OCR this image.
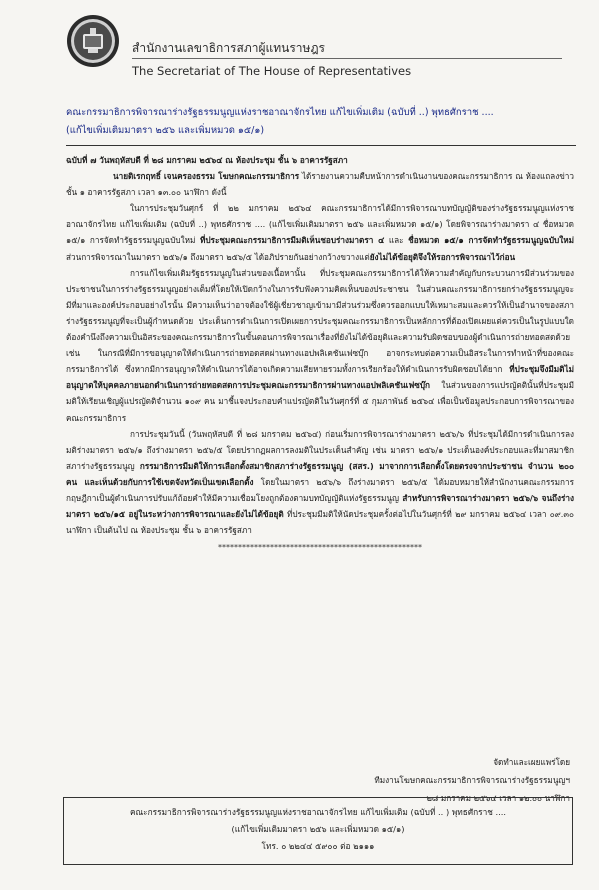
สำนักงานเลขาธิการสภาผู้แทนราษฎร
The Secretariat of The House of Representatives
คณะกรรมาธิการพิจารณาร่างรัฐธรรมนูญแห่งราชอาณาจักรไทย แก้ไขเพิ่มเติม (ฉบับที่ ..) พุทธศักราช ....
(แก้ไขเพิ่มเติมมาตรา ๒๕๖ และเพิ่มหมวด ๑๕/๑)

ฉบับที่ ๗ วันพฤหัสบดี ที่ ๒๘ มกราคม ๒๕๖๔ ณ ห้องประชุม ชั้น ๖ อาคารรัฐสภา

นายดิเรกฤทธิ์ เจนครองธรรม โฆษกคณะกรรมาธิการ ได้รายงานความคืบหน้าการดำเนินงานของคณะกรรมาธิการ ณ ห้องแถลงข่าว ชั้น ๑ อาคารรัฐสภา เวลา ๑๓.๐๐ นาฬิกา ดังนี้

ในการประชุมวันศุกร์ ที่ ๒๒ มกราคม ๒๕๖๔ คณะกรรมาธิการได้มีการพิจารณาบทบัญญัติของร่างรัฐธรรมนูญแห่งราชอาณาจักรไทย แก้ไขเพิ่มเติม (ฉบับที่ ..) พุทธศักราช .... (แก้ไขเพิ่มเติมมาตรา ๒๕๖ และเพิ่มหมวด ๑๕/๑) โดยพิจารณาร่างมาตรา ๔ ชื่อหมวด ๑๕/๑ การจัดทำรัฐธรรมนูญฉบับใหม่ ที่ประชุมคณะกรรมาธิการมีมติเห็นชอบร่างมาตรา ๔ และ ชื่อหมวด ๑๕/๑ การจัดทำรัฐธรรมนูญฉบับใหม่ ส่วนการพิจารณาในมาตรา ๒๕๖/๑ ถึงมาตรา ๒๕๖/๕ ได้อภิปรายกันอย่างกว้างขวางแต่ยังไม่ได้ข้อยุติจึงให้รอการพิจารณาไว้ก่อน

การแก้ไขเพิ่มเติมรัฐธรรมนูญในส่วนของเนื้อหานั้น ที่ประชุมคณะกรรมาธิการได้ให้ความสำคัญกับกระบวนการมีส่วนร่วมของประชาชนในการร่างรัฐธรรมนูญอย่างเต็มที่โดยให้เปิดกว้างในการรับฟังความคิดเห็นของประชาชน ในส่วนคณะกรรมาธิการยกร่างรัฐธรรมนูญจะมีที่มาและองค์ประกอบอย่างไรนั้น มีความเห็นว่าอาจต้องใช้ผู้เชี่ยวชาญเข้ามามีส่วนร่วมซึ่งควรออกแบบให้เหมาะสมและควรให้เป็นอำนาจของสภาร่างรัฐธรรมนูญที่จะเป็นผู้กำหนดด้วย ประเด็นการดำเนินการเปิดเผยการประชุมคณะกรรมาธิการเป็นหลักการที่ต้องเปิดเผยแต่ควรเป็นในรูปแบบใดต้องคำนึงถึงความเป็นอิสระของคณะกรรมาธิการในขั้นตอนการพิจารณาเรื่องที่ยังไม่ได้ข้อยุติและความรับผิดชอบของผู้ดำเนินการถ่ายทอดสดด้วย เช่น ในกรณีที่มีการขอนุญาตให้ดำเนินการถ่ายทอดสดผ่านทางแอปพลิเคชันเฟซบุ๊ก อาจกระทบต่อความเป็นอิสระในการทำหน้าที่ของคณะกรรมาธิการได้ ซึ่งหากมีการอนุญาตให้ดำเนินการได้อาจเกิดความเสียหายรวมทั้งการเรียกร้องให้ดำเนินการรับผิดชอบได้ยาก ที่ประชุมจึงมีมติไม่อนุญาตให้บุคคลภายนอกดำเนินการถ่ายทอดสดการประชุมคณะกรรมาธิการผ่านทางแอปพลิเคชันเฟซบุ๊ก ในส่วนของการแปรญัตตินั้นที่ประชุมมีมติให้เรียนเชิญผู้แปรญัตติจำนวน ๑๐๙ คน มาชี้แจงประกอบคำแปรญัตติในวันศุกร์ที่ ๕ กุมภาพันธ์ ๒๕๖๔ เพื่อเป็นข้อมูลประกอบการพิจารณาของคณะกรรมาธิการ

การประชุมวันนี้ (วันพฤหัสบดี ที่ ๒๘ มกราคม ๒๕๖๔) ก่อนเริ่มการพิจารณาร่างมาตรา ๒๕๖/๖ ที่ประชุมได้มีการดำเนินการลงมติร่างมาตรา ๒๕๖/๑ ถึงร่างมาตรา ๒๕๖/๕ โดยปรากฏผลการลงมติในประเด็นสำคัญ เช่น มาตรา ๒๕๖/๑ ประเด็นองค์ประกอบและที่มาสมาชิกสภาร่างรัฐธรรมนูญ กรรมาธิการมีมติให้การเลือกตั้งสมาชิกสภาร่างรัฐธรรมนูญ (สสร.) มาจากการเลือกตั้งโดยตรงจากประชาชน จำนวน ๒๐๐ คน และเห็นด้วยกับการใช้เขตจังหวัดเป็นเขตเลือกตั้ง โดยในมาตรา ๒๕๖/๖ ถึงร่างมาตรา ๒๕๖/๕ ได้มอบหมายให้สำนักงานคณะกรรมการกฤษฎีกาเป็นผู้ดำเนินการปรับแก้ถ้อยคำให้มีความเชื่อมโยงถูกต้องตามบทบัญญัติแห่งรัฐธรรมนูญ สำหรับการพิจารณาร่างมาตรา ๒๕๖/๖ จนถึงร่างมาตรา ๒๕๖/๑๕ อยู่ในระหว่างการพิจารณาและยังไม่ได้ข้อยุติ ที่ประชุมมีมติให้นัดประชุมครั้งต่อไปในวันศุกร์ที่ ๒๙ มกราคม ๒๕๖๔ เวลา ๐๙.๓๐ นาฬิกา เป็นต้นไป ณ ห้องประชุม ชั้น ๖ อาคารรัฐสภา

***************************************************
จัดทำและเผยแพร่โดย
ทีมงานโฆษกคณะกรรมาธิการพิจารณาร่างรัฐธรรมนูญฯ
๒๘ มกราคม ๒๕๖๔ เวลา ๑๒.๐๐ นาฬิกา
คณะกรรมาธิการพิจารณาร่างรัฐธรรมนูญแห่งราชอาณาจักรไทย แก้ไขเพิ่มเติม (ฉบับที่ .. ) พุทธศักราช ....
(แก้ไขเพิ่มเติมมาตรา ๒๕๖ และเพิ่มหมวด ๑๕/๑)
โทร. ๐ ๒๒๔๔ ๕๙๐๐ ต่อ ๒๑๑๑
